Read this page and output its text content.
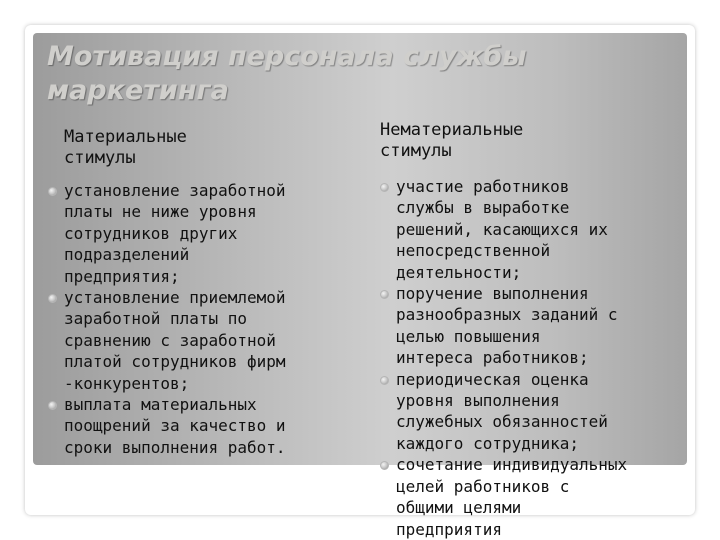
Мотивация персонала службы
маркетинга
Материальные
стимулы
Нематериальные
стимулы
установление заработной
платы не ниже уровня
сотрудников других
подразделений
предприятия;
установление приемлемой
заработной платы по
сравнению с заработной
платой сотрудников фирм
-конкурентов;
выплата материальных
поощрений за качество и
сроки выполнения работ.
участие работников
службы в выработке
решений, касающихся их
непосредственной
деятельности;
поручение выполнения
разнообразных заданий с
целью повышения
интереса работников;
периодическая оценка
уровня выполнения
служебных обязанностей
каждого сотрудника;
сочетание индивидуальных
целей работников с
общими целями
предприятия
